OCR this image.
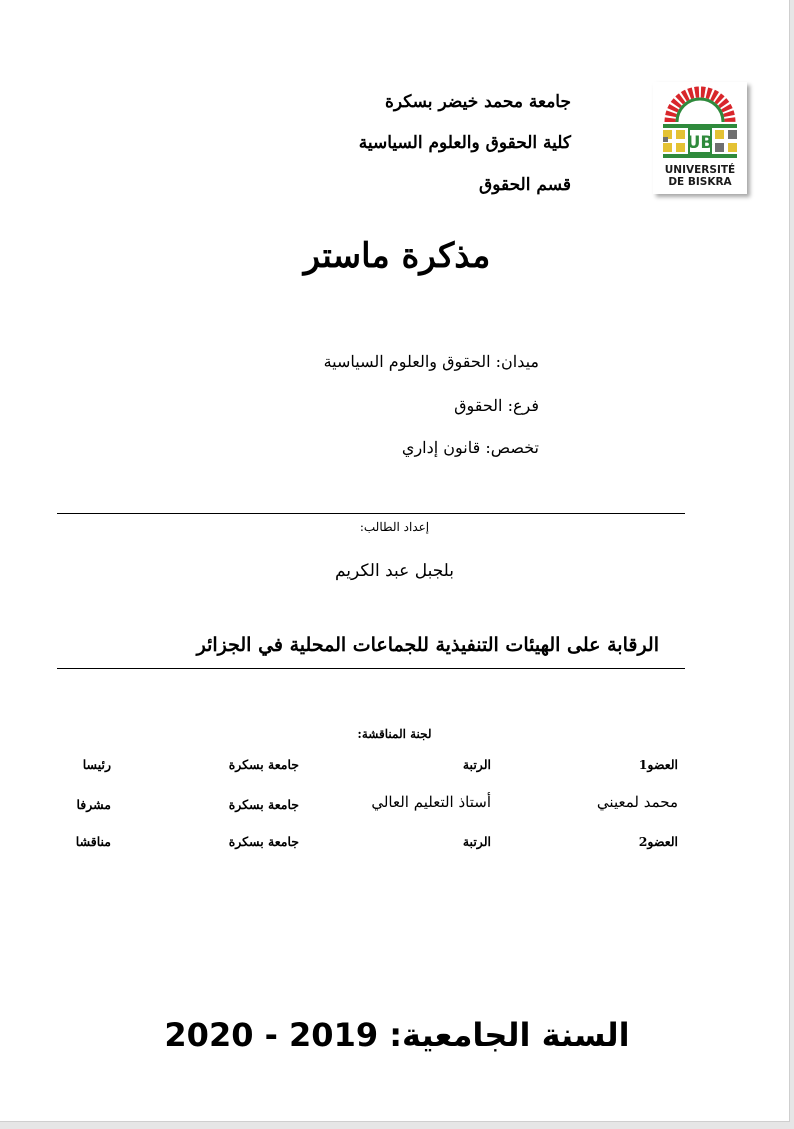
جامعة محمد خيضر بسكرة
كلية الحقوق والعلوم السياسية
قسم الحقوق
UB
UNIVERSITÉ
DE BISKRA
مذكرة ماستر
ميدان: الحقوق والعلوم السياسية
فرع: الحقوق
تخصص: قانون إداري
إعداد الطالب:
بلجبل عبد الكريم
الرقابة على الهيئات التنفيذية للجماعات المحلية في الجزائر
لجنة المناقشة:
العضو1
الرتبة
جامعة بسكرة
رئيسا
محمد لمعيني
أستاذ التعليم العالي
جامعة بسكرة
مشرفا
العضو2
الرتبة
جامعة بسكرة
مناقشا
السنة الجامعية: 2019 - 2020
